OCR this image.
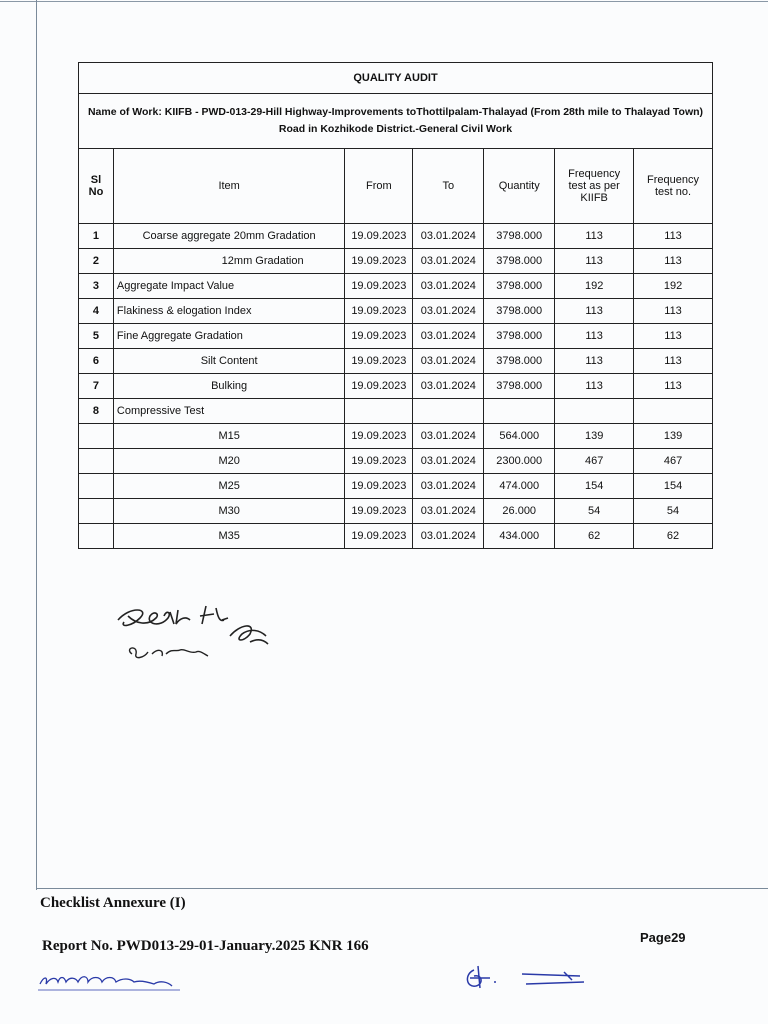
QUALITY AUDIT						
Name of Work: KIIFB - PWD-013-29-Hill Highway-Improvements toThottilpalam-Thalayad (From 28th mile to Thalayad Town) Road in Kozhikode District.-General Civil Work						
Sl No	Item	From	To	Quantity	Frequency test as per KIIFB	Frequency test no.
1	Coarse aggregate 20mm Gradation	19.09.2023	03.01.2024	3798.000	113	113
2	12mm Gradation	19.09.2023	03.01.2024	3798.000	113	113
3	Aggregate Impact Value	19.09.2023	03.01.2024	3798.000	192	192
4	Flakiness & elogation Index	19.09.2023	03.01.2024	3798.000	113	113
5	Fine Aggregate Gradation	19.09.2023	03.01.2024	3798.000	113	113
6	Silt Content	19.09.2023	03.01.2024	3798.000	113	113
7	Bulking	19.09.2023	03.01.2024	3798.000	113	113
8	Compressive Test					
	M15	19.09.2023	03.01.2024	564.000	139	139
	M20	19.09.2023	03.01.2024	2300.000	467	467
	M25	19.09.2023	03.01.2024	474.000	154	154
	M30	19.09.2023	03.01.2024	26.000	54	54
	M35	19.09.2023	03.01.2024	434.000	62	62
Checklist Annexure (I)
Report No. PWD013-29-01-January.2025 KNR 166
Page29
